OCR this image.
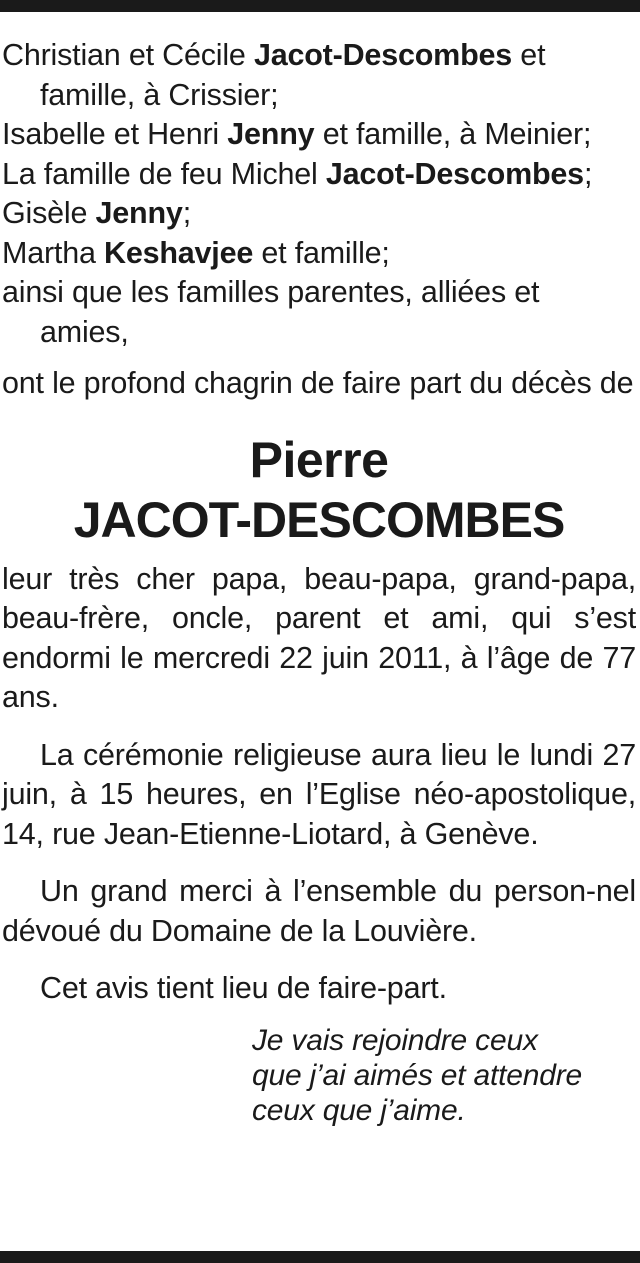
Christian et Cécile Jacot-Descombes et famille, à Crissier;

Isabelle et Henri Jenny et famille, à Meinier;

La famille de feu Michel Jacot-Descombes;

Gisèle Jenny;

Martha Keshavjee et famille;

ainsi que les familles parentes, alliées et amies,

ont le profond chagrin de faire part du décès de

Pierre
JACOT-DESCOMBES

leur très cher papa, beau-papa, grand-papa, beau-frère, oncle, parent et ami, qui s’est endormi le mercredi 22 juin 2011, à l’âge de 77 ans.

La cérémonie religieuse aura lieu le lundi 27 juin, à 15 heures, en l’Eglise néo-apostolique, 14, rue Jean-Etienne-Liotard, à Genève.

Un grand merci à l’ensemble du person-nel dévoué du Domaine de la Louvière.

Cet avis tient lieu de faire-part.

Je vais rejoindre ceux
que j’ai aimés et attendre
ceux que j’aime.
